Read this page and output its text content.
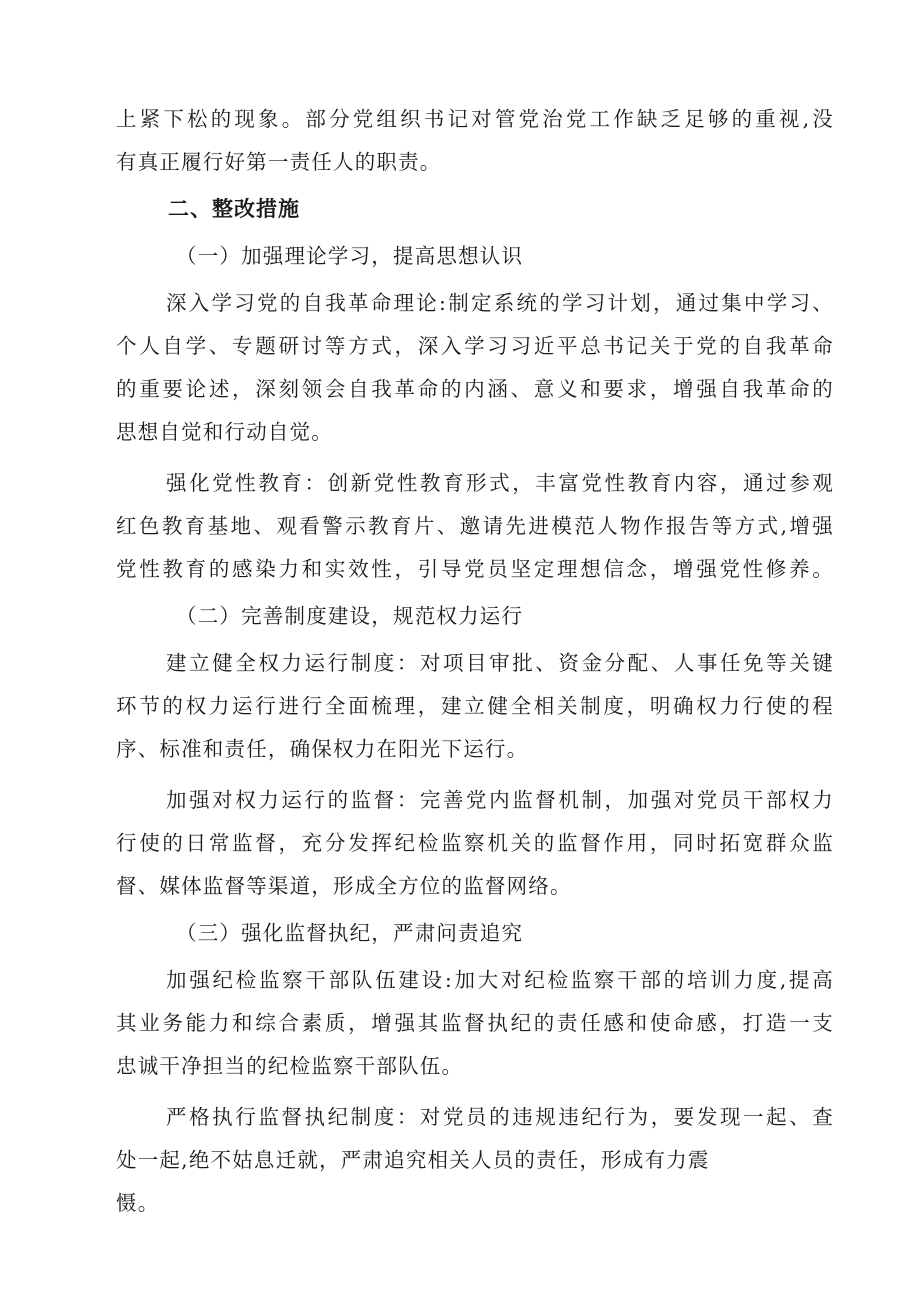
上紧下松的现象。部分党组织书记对管党治党工作缺乏足够的重视,没
有真正履行好第一责任人的职责。
二、整改措施
（一）加强理论学习，提高思想认识
深入学习党的自我革命理论:制定系统的学习计划，通过集中学习、
个人自学、专题研讨等方式，深入学习习近平总书记关于党的自我革命
的重要论述，深刻领会自我革命的内涵、意义和要求，增强自我革命的
思想自觉和行动自觉。
强化党性教育：创新党性教育形式，丰富党性教育内容，通过参观
红色教育基地、观看警示教育片、邀请先进模范人物作报告等方式,增强
党性教育的感染力和实效性，引导党员坚定理想信念，增强党性修养。
（二）完善制度建设，规范权力运行
建立健全权力运行制度：对项目审批、资金分配、人事任免等关键
环节的权力运行进行全面梳理，建立健全相关制度，明确权力行使的程
序、标准和责任，确保权力在阳光下运行。
加强对权力运行的监督：完善党内监督机制，加强对党员干部权力
行使的日常监督，充分发挥纪检监察机关的监督作用，同时拓宽群众监
督、媒体监督等渠道，形成全方位的监督网络。
（三）强化监督执纪，严肃问责追究
加强纪检监察干部队伍建设:加大对纪检监察干部的培训力度,提高
其业务能力和综合素质，增强其监督执纪的责任感和使命感，打造一支
忠诚干净担当的纪检监察干部队伍。
严格执行监督执纪制度：对党员的违规违纪行为，要发现一起、查
处一起,绝不姑息迁就，严肃追究相关人员的责任，形成有力震
慑。
